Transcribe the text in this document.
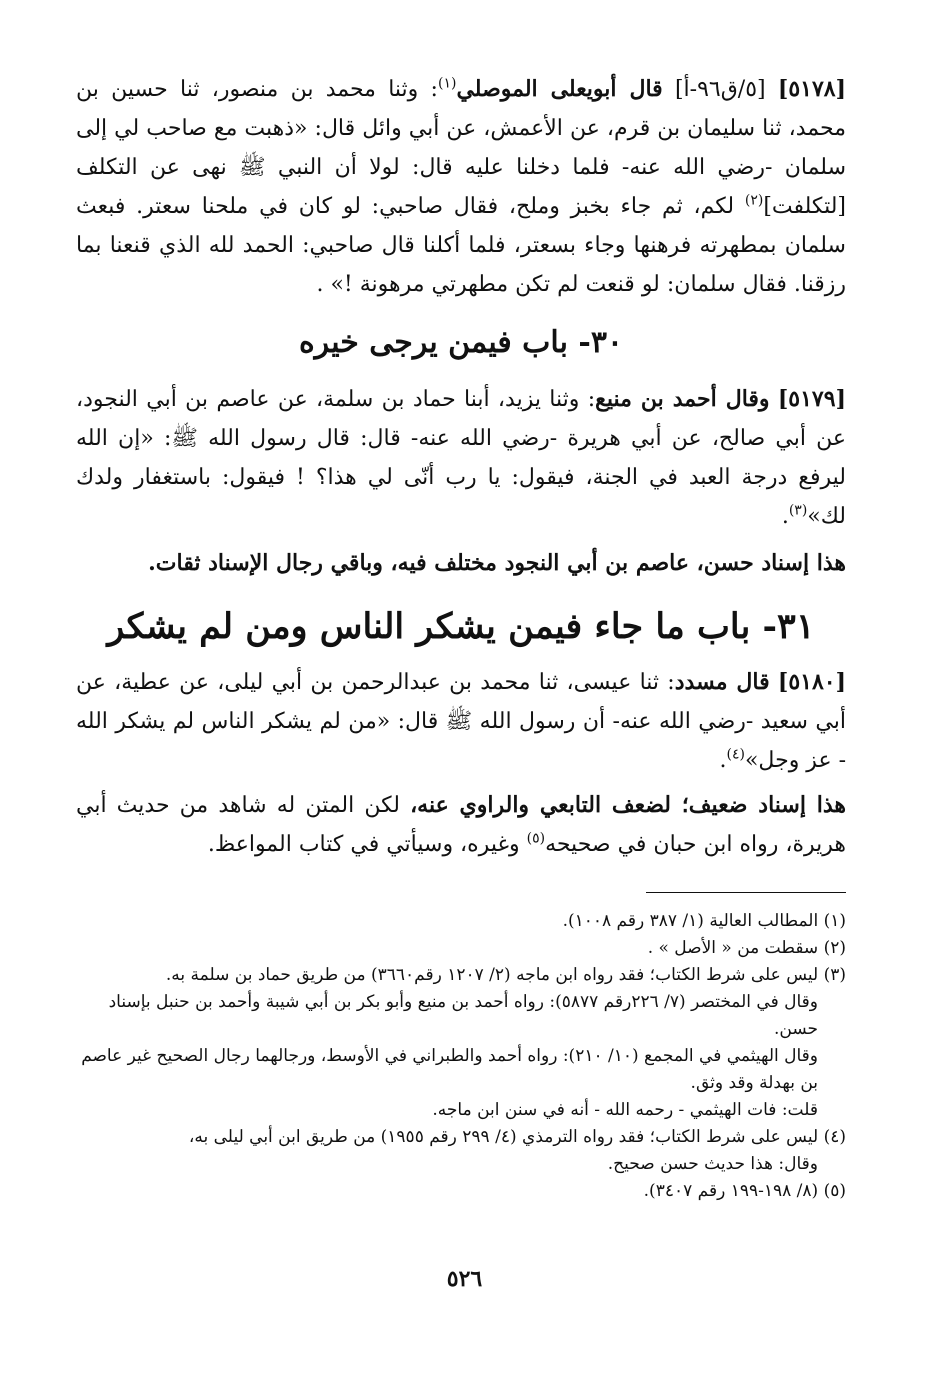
[٥١٧٨] [٥/ق٩٦-أ] قال أبويعلى الموصلي$^{(١)}$: وثنا محمد بن منصور، ثنا حسين بن محمد، ثنا سليمان بن قرم، عن الأعمش، عن أبي وائل قال: «ذهبت مع صاحب لي إلى سلمان -رضي الله عنه- فلما دخلنا عليه قال: لولا أن النبي ﷺ نهى عن التكلف [لتكلفت]$^{(٢)}$ لكم، ثم جاء بخبز وملح، فقال صاحبي: لو كان في ملحنا سعتر. فبعث سلمان بمطهرته فرهنها وجاء بسعتر، فلما أكلنا قال صاحبي: الحمد لله الذي قنعنا بما رزقنا. فقال سلمان: لو قنعت لم تكن مطهرتي مرهونة !» .

٣٠- باب فيمن يرجى خيره

[٥١٧٩] وقال أحمد بن منيع: وثنا يزيد، أبنا حماد بن سلمة، عن عاصم بن أبي النجود، عن أبي صالح، عن أبي هريرة -رضي الله عنه- قال: قال رسول الله ﷺ: «إن الله ليرفع درجة العبد في الجنة، فيقول: يا رب أنّى لي هذا؟ ! فيقول: باستغفار ولدك لك»$^{(٣)}$.

هذا إسناد حسن، عاصم بن أبي النجود مختلف فيه، وباقي رجال الإسناد ثقات.

٣١- باب ما جاء فيمن يشكر الناس ومن لم يشكر

[٥١٨٠] قال مسدد: ثنا عيسى، ثنا محمد بن عبدالرحمن بن أبي ليلى، عن عطية، عن أبي سعيد -رضي الله عنه- أن رسول الله ﷺ قال: «من لم يشكر الناس لم يشكر الله - عز وجل»$^{(٤)}$.

هذا إسناد ضعيف؛ لضعف التابعي والراوي عنه، لكن المتن له شاهد من حديث أبي هريرة، رواه ابن حبان في صحيحه$^{(٥)}$ وغيره، وسيأتي في كتاب المواعظ.

(١) المطالب العالية (١/ ٣٨٧ رقم ١٠٠٨).

(٢) سقطت من « الأصل » .

(٣) ليس على شرط الكتاب؛ فقد رواه ابن ماجه (٢/ ١٢٠٧ رقم٣٦٦٠) من طريق حماد بن سلمة به.

وقال في المختصر (٧/ ٢٢٦رقم ٥٨٧٧): رواه أحمد بن منيع وأبو بكر بن أبي شيبة وأحمد بن حنبل بإسناد حسن.

وقال الهيثمي في المجمع (١٠/ ٢١٠): رواه أحمد والطبراني في الأوسط، ورجالهما رجال الصحيح غير عاصم بن بهدلة وقد وثق.

قلت: فات الهيثمي - رحمه الله - أنه في سنن ابن ماجه.

(٤) ليس على شرط الكتاب؛ فقد رواه الترمذي (٤/ ٢٩٩ رقم ١٩٥٥) من طريق ابن أبي ليلى به،

وقال: هذا حديث حسن صحيح.

(٥) (٨/ ١٩٨-١٩٩ رقم ٣٤٠٧).

٥٢٦
